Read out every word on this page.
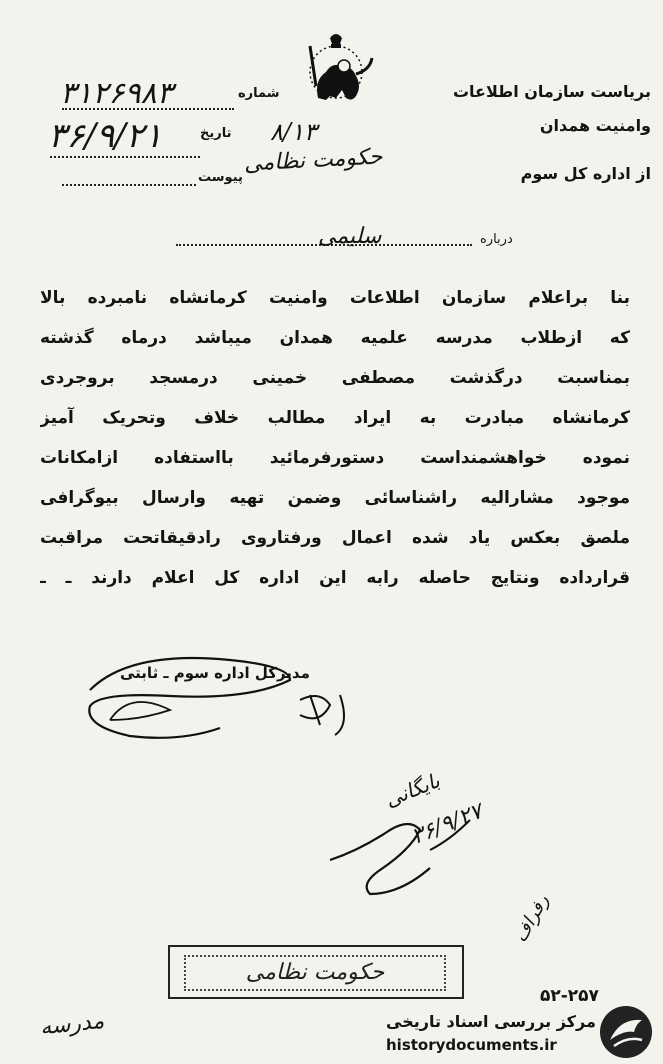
بریاست سازمان اطلاعات
وامنیت همدان
از اداره کل سوم
شماره
۳۱۲۶۹۸۳
تاریخ
۳۶/۹/۲۱	۸/۱۳
حکومت نظامی
پیوست
درباره
سلیمی
بنا براعلام سازمان اطلاعات وامنیت کرمانشاه نامبرده بالا
که ازطلاب مدرسه علمیه همدان میباشد درماه گذشته
بمناسبت درگذشت مصطفی خمینی درمسجد بروجردی
کرمانشاه مبادرت به ایراد مطالب خلاف وتحریک آمیز
نموده خواهشمنداست دستورفرمائید بااستفاده ازامکانات
موجود مشارالیه راشناسائی وضمن تهیه وارسال بیوگرافی
ملصق بعکس یاد شده اعمال ورفتاروی رادقیقاتحت مراقبت
قرارداده ونتایج حاصله رابه این اداره کل اعلام دارند ـ ـ
مدیرکل اداره سوم ـ ثابتی
بایگانی
۳۶/۹/۲۷
رفراف
حکومت نظامی
مدرسه
۵۲-۲۵۷
مرکز بررسی اسناد تاریخی
historydocuments.ir
